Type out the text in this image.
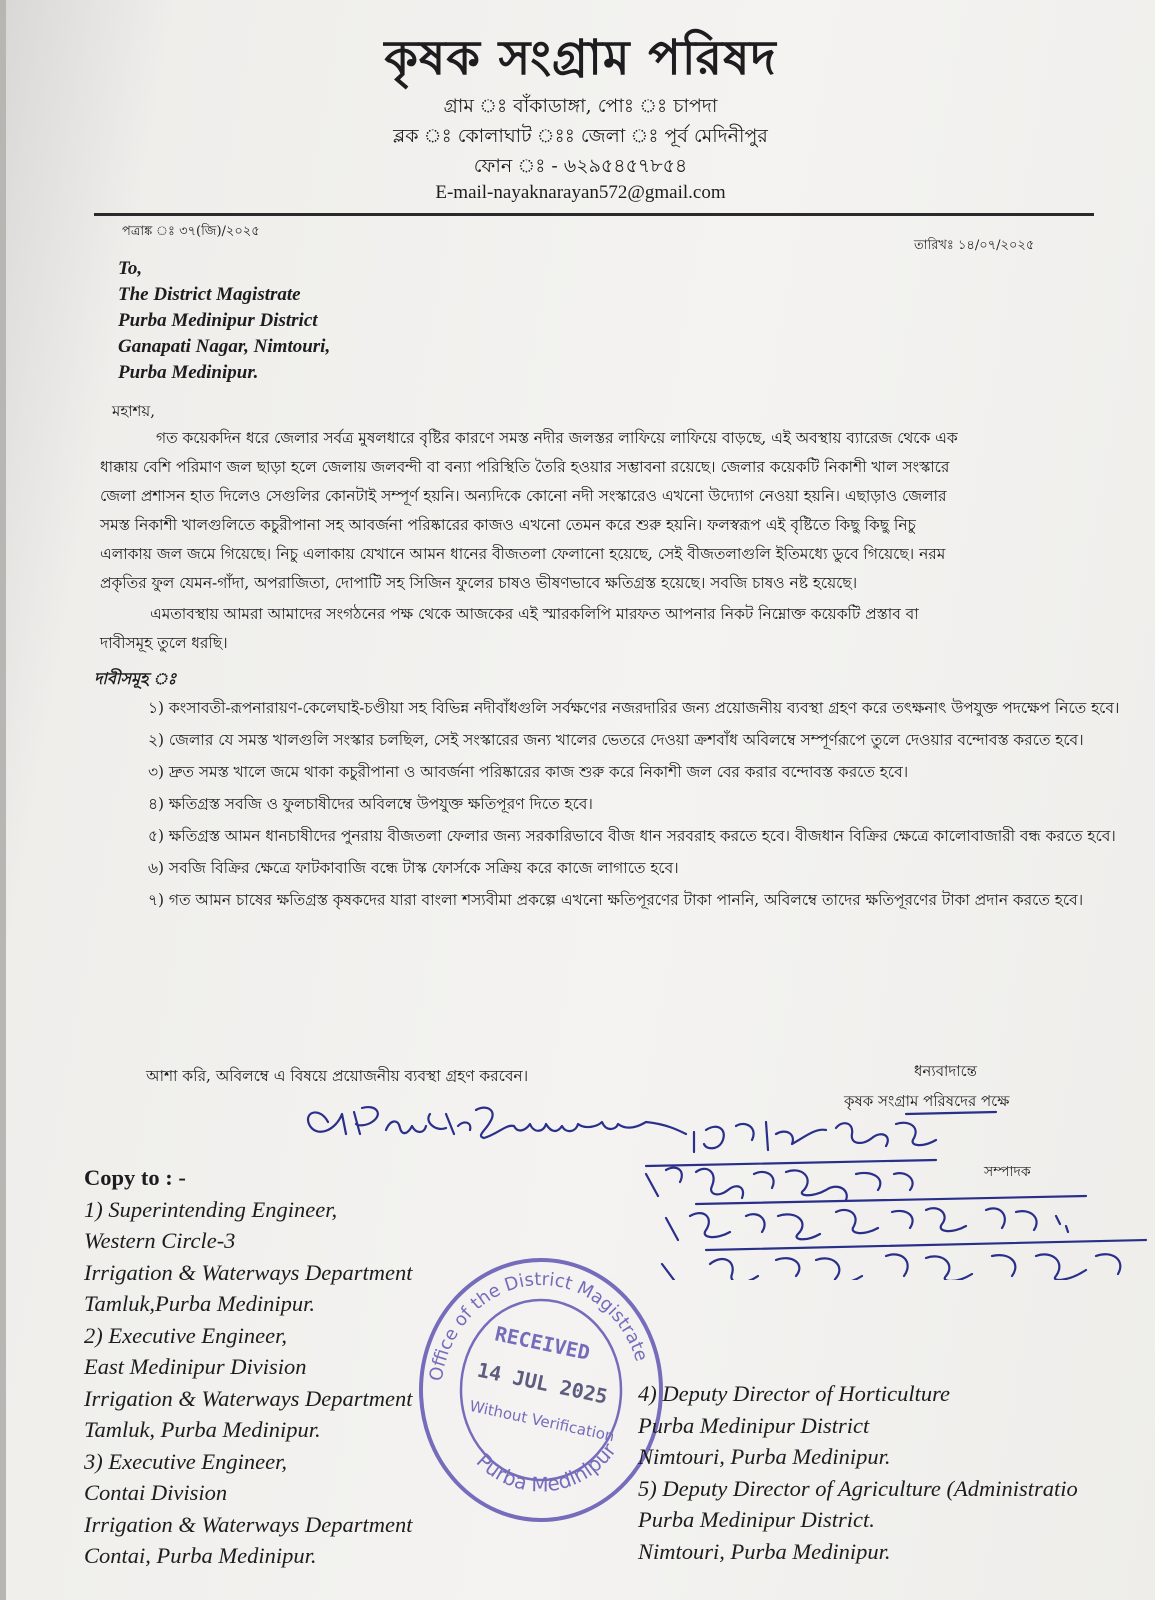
কৃষক সংগ্রাম পরিষদ
গ্রাম ঃ বাঁকাডাঙ্গা, পোঃ ঃ চাপদা
ব্লক ঃ কোলাঘাট ঃঃ জেলা ঃ পূর্ব মেদিনীপুর
ফোন ঃ - ৬২৯৫৪৫৭৮৫৪
E-mail-nayaknarayan572@gmail.com
পত্রাঙ্ক ঃ ৩৭(জি)/২০২৫
তারিখঃ ১৪/০৭/২০২৫
To,
The District Magistrate
Purba Medinipur District
Ganapati Nagar, Nimtouri,
Purba Medinipur.
মহাশয়,
গত কয়েকদিন ধরে জেলার সর্বত্র মুষলধারে বৃষ্টির কারণে সমস্ত নদীর জলস্তর লাফিয়ে লাফিয়ে বাড়ছে, এই অবস্থায় ব্যারেজ থেকে এক
ধাক্কায় বেশি পরিমাণ জল ছাড়া হলে জেলায় জলবন্দী বা বন্যা পরিস্থিতি তৈরি হওয়ার সম্ভাবনা রয়েছে। জেলার কয়েকটি নিকাশী খাল সংস্কারে
জেলা প্রশাসন হাত দিলেও সেগুলির কোনটাই সম্পূর্ণ হয়নি। অন্যদিকে কোনো নদী সংস্কারেও এখনো উদ্যোগ নেওয়া হয়নি। এছাড়াও জেলার
সমস্ত নিকাশী খালগুলিতে কচুরীপানা সহ আবর্জনা পরিষ্কারের কাজও এখনো তেমন করে শুরু হয়নি। ফলস্বরূপ এই বৃষ্টিতে কিছু কিছু নিচু
এলাকায় জল জমে গিয়েছে। নিচু এলাকায় যেখানে আমন ধানের বীজতলা ফেলানো হয়েছে, সেই বীজতলাগুলি ইতিমধ্যে ডুবে গিয়েছে। নরম
প্রকৃতির ফুল যেমন-গাঁদা, অপরাজিতা, দোপাটি সহ সিজিন ফুলের চাষও ভীষণভাবে ক্ষতিগ্রস্ত হয়েছে। সবজি চাষও নষ্ট হয়েছে।
এমতাবস্থায় আমরা আমাদের সংগঠনের পক্ষ থেকে আজকের এই স্মারকলিপি মারফত আপনার নিকট নিম্নোক্ত কয়েকটি প্রস্তাব বা
দাবীসমূহ তুলে ধরছি।
দাবীসমূহ ঃ

১) কংসাবতী-রূপনারায়ণ-কেলেঘাই-চণ্ডীয়া সহ বিভিন্ন নদীবাঁধগুলি সর্বক্ষণের নজরদারির জন্য প্রয়োজনীয় ব্যবস্থা গ্রহণ করে তৎক্ষনাৎ উপযুক্ত পদক্ষেপ নিতে হবে।

২) জেলার যে সমস্ত খালগুলি সংস্কার চলছিল, সেই সংস্কারের জন্য খালের ভেতরে দেওয়া ক্রশবাঁধ অবিলম্বে সম্পূর্ণরূপে তুলে দেওয়ার বন্দোবস্ত করতে হবে।

৩) দ্রুত সমস্ত খালে জমে থাকা কচুরীপানা ও আবর্জনা পরিষ্কারের কাজ শুরু করে নিকাশী জল বের করার বন্দোবস্ত করতে হবে।

৪) ক্ষতিগ্রস্ত সবজি ও ফুলচাষীদের অবিলম্বে উপযুক্ত ক্ষতিপূরণ দিতে হবে।

৫) ক্ষতিগ্রস্ত আমন ধানচাষীদের পুনরায় বীজতলা ফেলার জন্য সরকারিভাবে বীজ ধান সরবরাহ করতে হবে। বীজধান বিক্রির ক্ষেত্রে কালোবাজারী বন্ধ করতে হবে।

৬) সবজি বিক্রির ক্ষেত্রে ফাটকাবাজি বন্ধে টাস্ক ফোর্সকে সক্রিয় করে কাজে লাগাতে হবে।

৭) গত আমন চাষের ক্ষতিগ্রস্ত কৃষকদের যারা বাংলা শস্যবীমা প্রকল্পে এখনো ক্ষতিপূরণের টাকা পাননি, অবিলম্বে তাদের ক্ষতিপূরণের টাকা প্রদান করতে হবে।

আশা করি, অবিলম্বে এ বিষয়ে প্রয়োজনীয় ব্যবস্থা গ্রহণ করবেন।	ধন্যবাদান্তে
কৃষক সংগ্রাম পরিষদের পক্ষে
সম্পাদক
Office of the District Magistrate
Purba Medinipur
RECEIVED
14 JUL 2025
Without Verification
Copy to : -
1) Superintending Engineer,
Western Circle-3
Irrigation & Waterways Department
Tamluk,Purba Medinipur.
2) Executive Engineer,
East Medinipur Division
Irrigation & Waterways Department
Tamluk, Purba Medinipur.
3) Executive Engineer,
Contai Division
Irrigation & Waterways Department
Contai, Purba Medinipur.
4) Deputy Director of Horticulture
Purba Medinipur District
Nimtouri, Purba Medinipur.
5) Deputy Director of Agriculture (Administratio
Purba Medinipur District.
Nimtouri, Purba Medinipur.
